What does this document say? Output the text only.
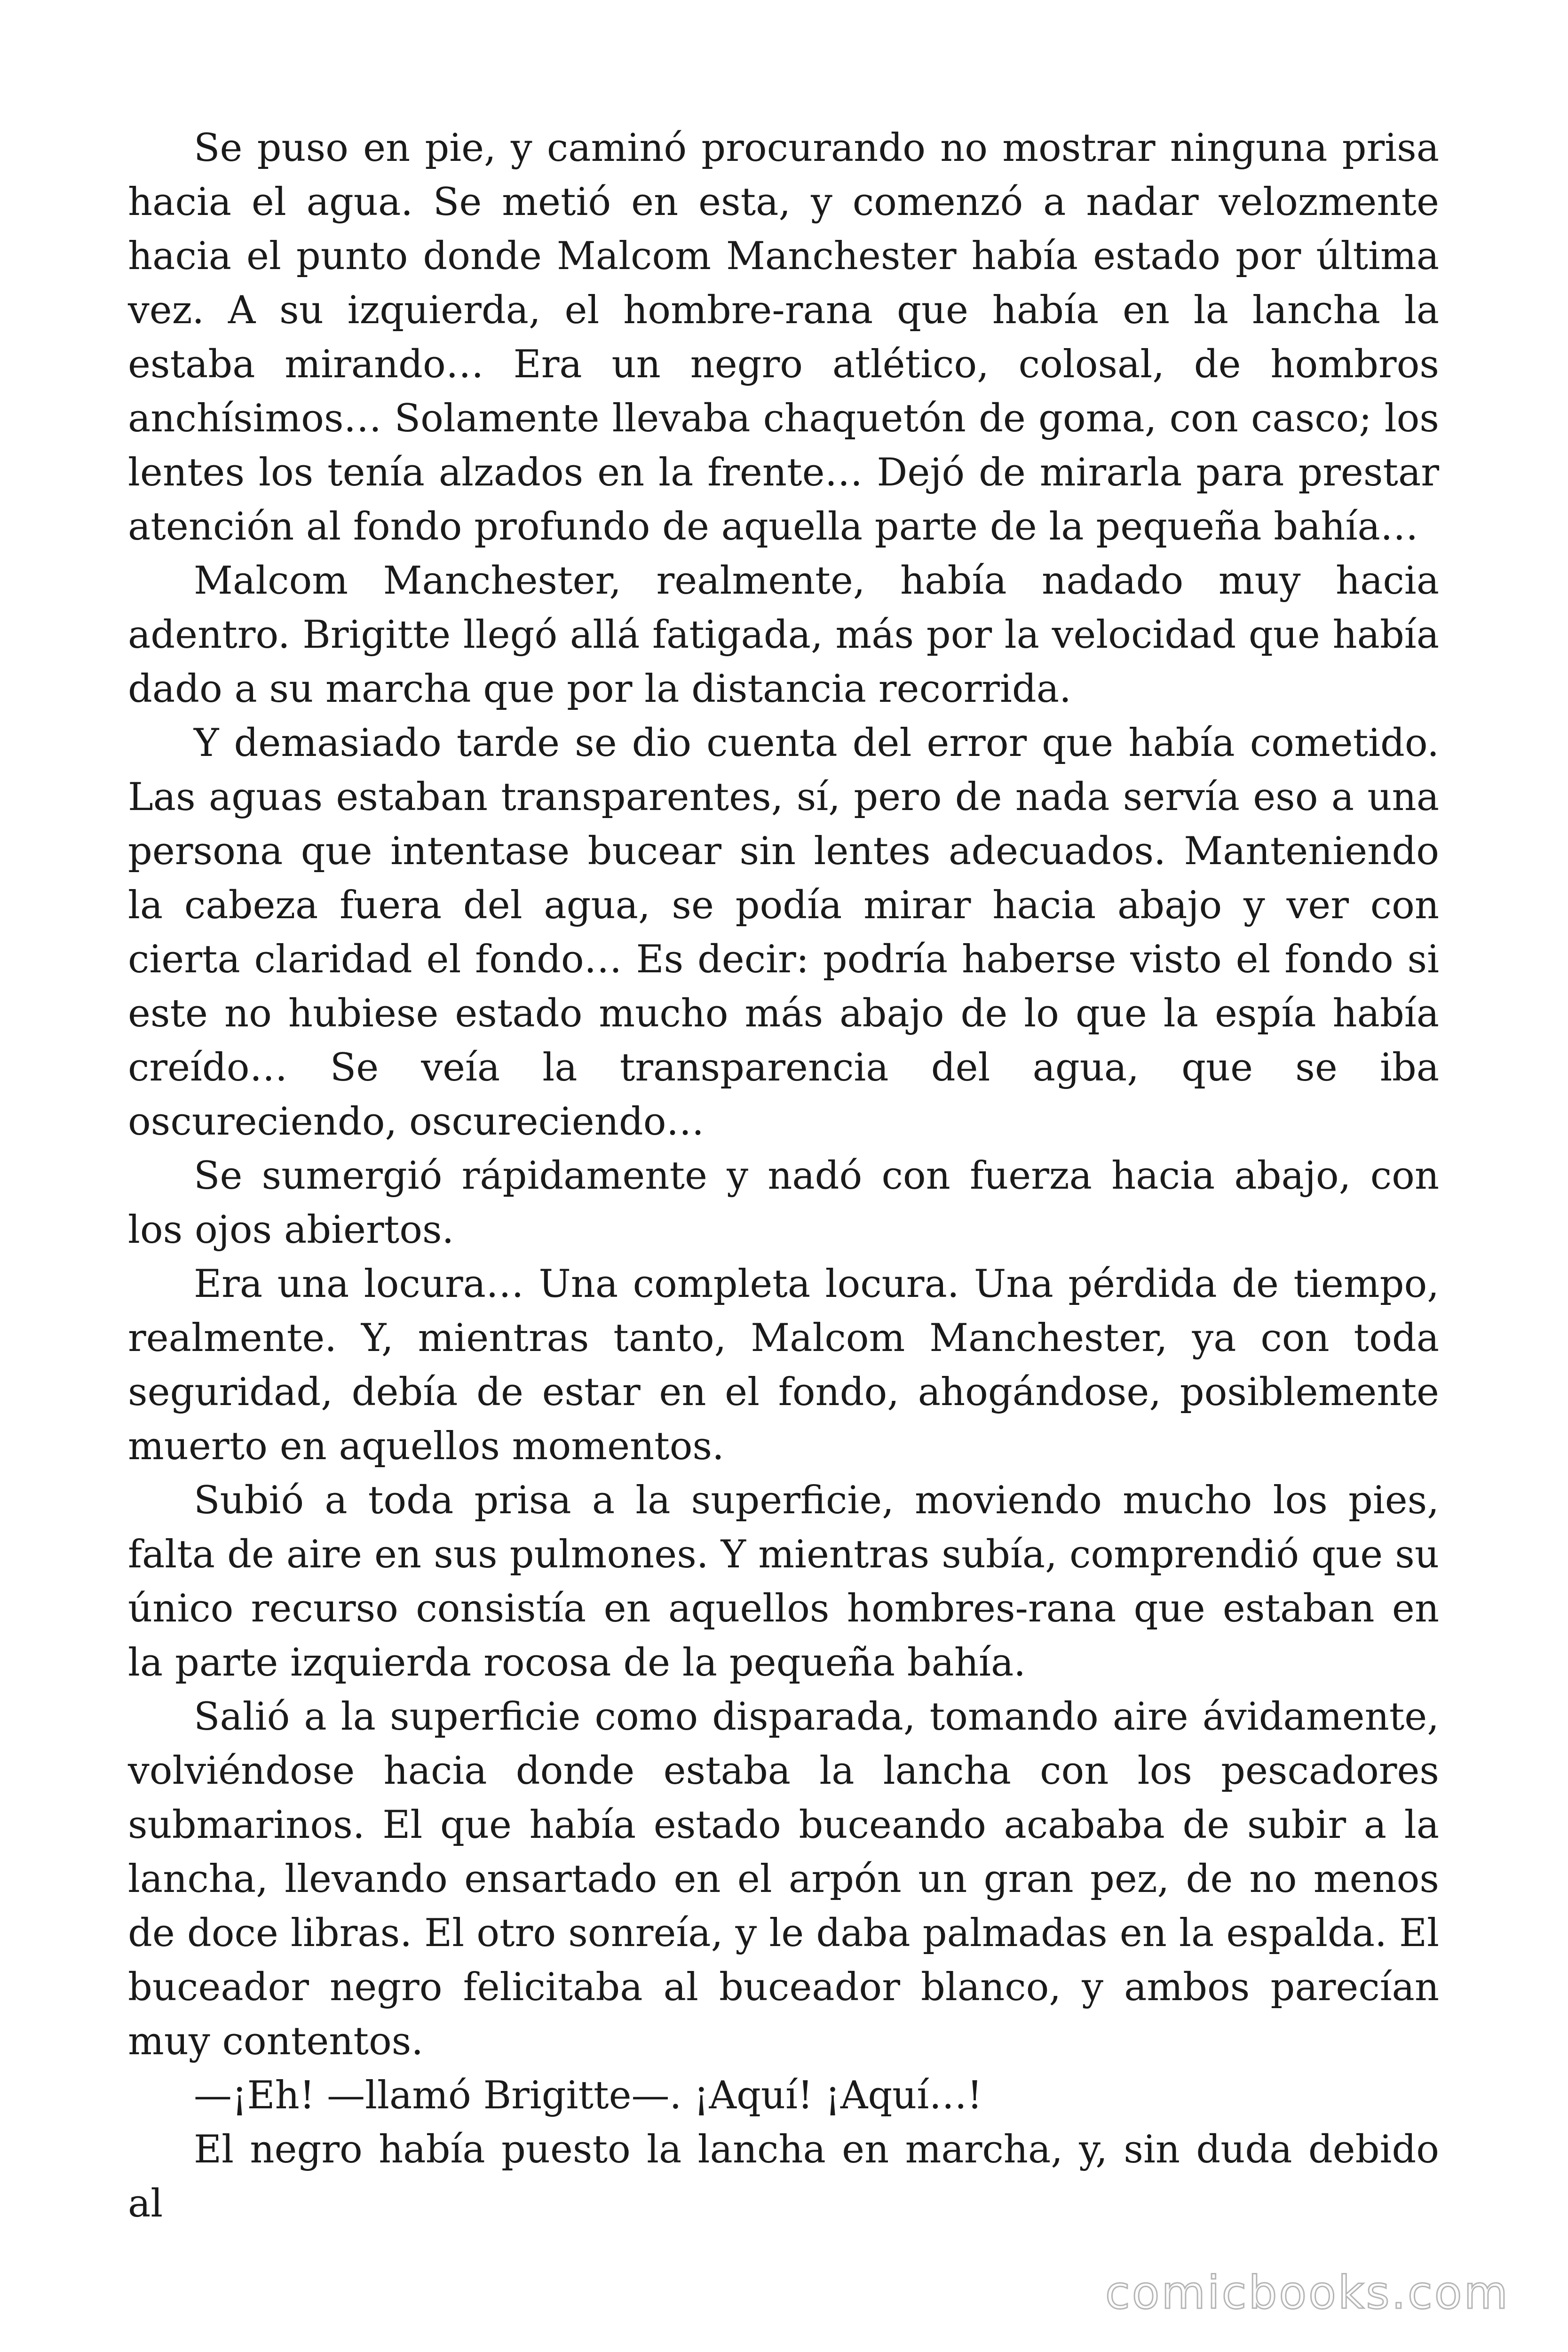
Se puso en pie, y caminó procurando no mostrar ninguna prisa hacia el agua. Se metió en esta, y comenzó a nadar velozmente hacia el punto donde Malcom Manchester había estado por última vez. A su izquierda, el hombre-rana que había en la lancha la estaba mirando… Era un negro atlético, colosal, de hombros anchísimos… Solamente llevaba chaquetón de goma, con casco; los lentes los tenía alzados en la frente… Dejó de mirarla para prestar atención al fondo profundo de aquella parte de la pequeña bahía…

Malcom Manchester, realmente, había nadado muy hacia adentro. Brigitte llegó allá fatigada, más por la velocidad que había dado a su marcha que por la distancia recorrida.

Y demasiado tarde se dio cuenta del error que había cometido. Las aguas estaban transparentes, sí, pero de nada servía eso a una persona que intentase bucear sin lentes adecuados. Manteniendo la cabeza fuera del agua, se podía mirar hacia abajo y ver con cierta claridad el fondo… Es decir: podría haberse visto el fondo si este no hubiese estado mucho más abajo de lo que la espía había creído… Se veía la transparencia del agua, que se iba oscureciendo, oscureciendo…

Se sumergió rápidamente y nadó con fuerza hacia abajo, con los ojos abiertos.

Era una locura… Una completa locura. Una pérdida de tiempo, realmente. Y, mientras tanto, Malcom Manchester, ya con toda seguridad, debía de estar en el fondo, ahogándose, posiblemente muerto en aquellos momentos.

Subió a toda prisa a la superficie, moviendo mucho los pies, falta de aire en sus pulmones. Y mientras subía, comprendió que su único recurso consistía en aquellos hombres-rana que estaban en la parte izquierda rocosa de la pequeña bahía.

Salió a la superficie como disparada, tomando aire ávidamente, volviéndose hacia donde estaba la lancha con los pescadores submarinos. El que había estado buceando acababa de subir a la lancha, llevando ensartado en el arpón un gran pez, de no menos de doce libras. El otro sonreía, y le daba palmadas en la espalda. El buceador negro felicitaba al buceador blanco, y ambos parecían muy contentos.

—¡Eh! —llamó Brigitte—. ¡Aquí! ¡Aquí…!

El negro había puesto la lancha en marcha, y, sin duda debido al

comicbooks.com
